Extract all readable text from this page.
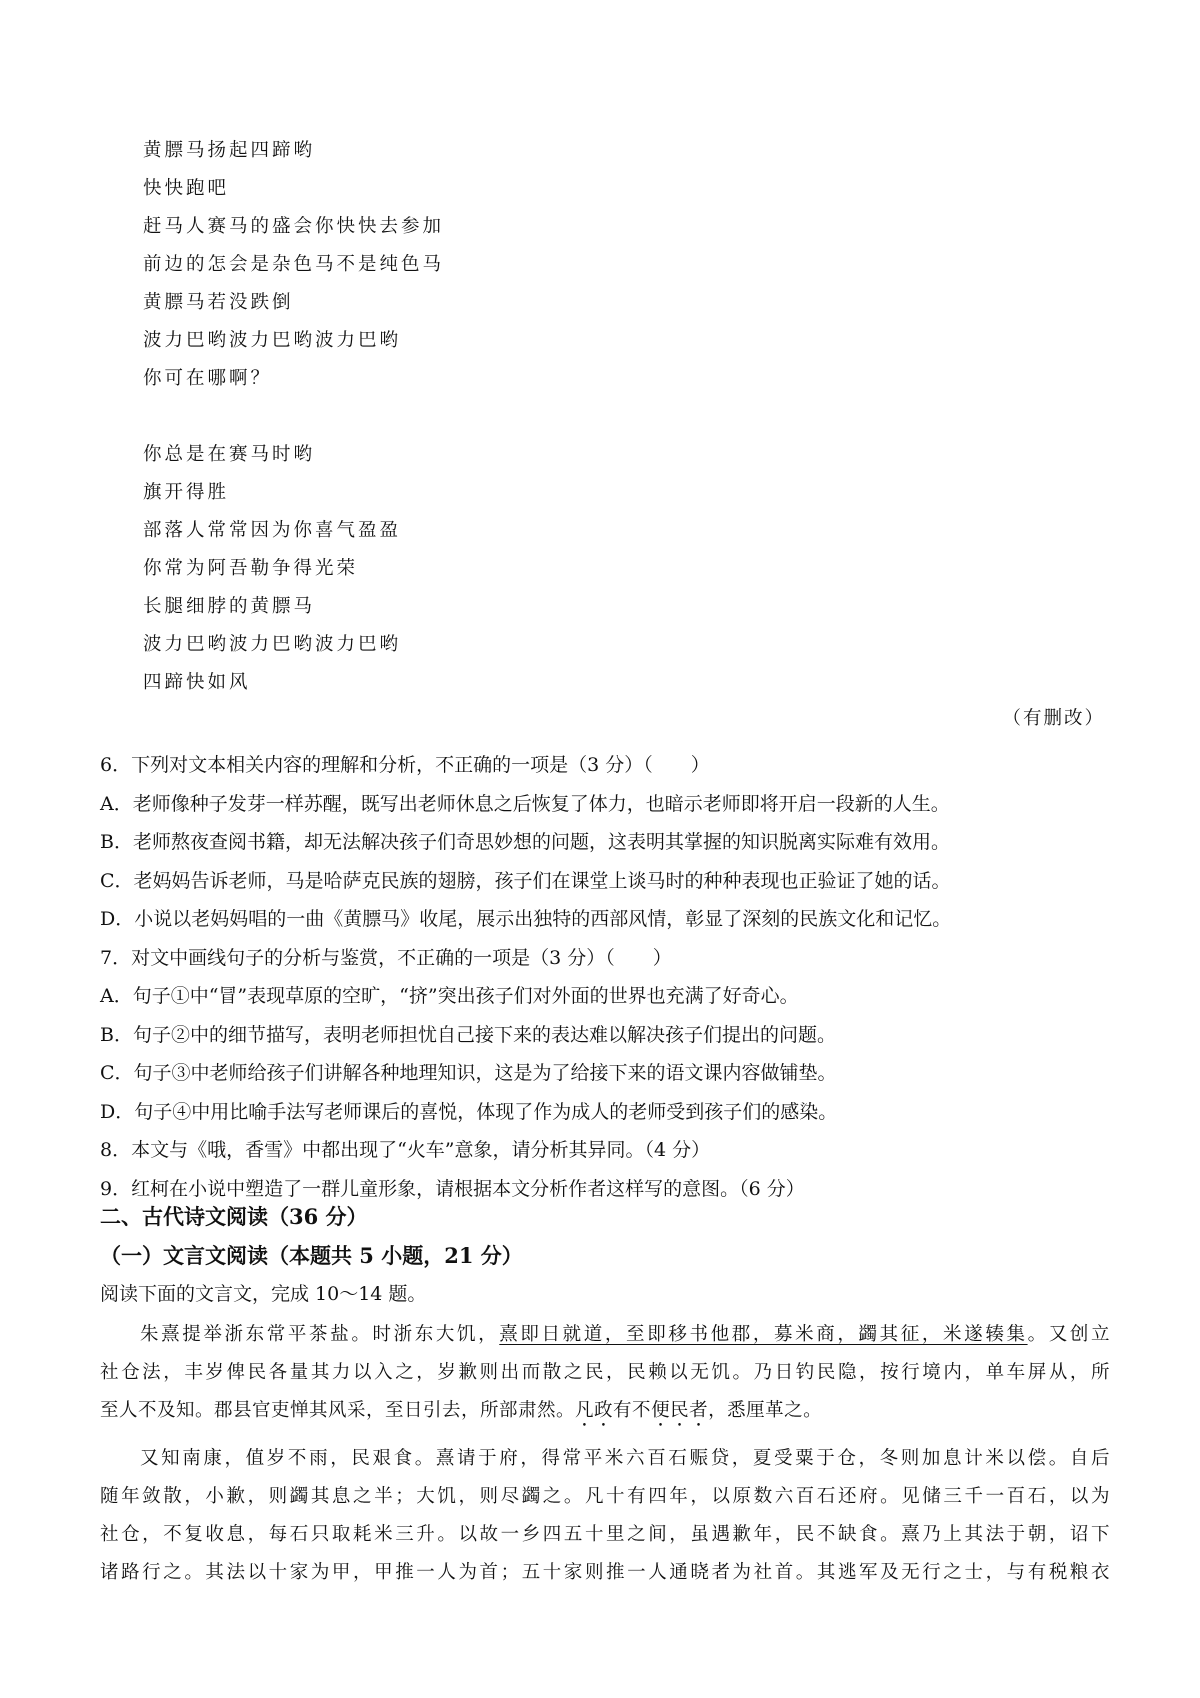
黄膘马扬起四蹄哟
快快跑吧
赶马人赛马的盛会你快快去参加
前边的怎会是杂色马不是纯色马
黄膘马若没跌倒
波力巴哟波力巴哟波力巴哟
你可在哪啊？
你总是在赛马时哟
旗开得胜
部落人常常因为你喜气盈盈
你常为阿吾勒争得光荣
长腿细脖的黄膘马
波力巴哟波力巴哟波力巴哟
四蹄快如风
（有删改）
6．下列对文本相关内容的理解和分析，不正确的一项是（3 分）（　　）
A．老师像种子发芽一样苏醒，既写出老师休息之后恢复了体力，也暗示老师即将开启一段新的人生。
B．老师熬夜查阅书籍，却无法解决孩子们奇思妙想的问题，这表明其掌握的知识脱离实际难有效用。
C．老妈妈告诉老师，马是哈萨克民族的翅膀，孩子们在课堂上谈马时的种种表现也正验证了她的话。
D．小说以老妈妈唱的一曲《黄膘马》收尾，展示出独特的西部风情，彰显了深刻的民族文化和记忆。
7．对文中画线句子的分析与鉴赏，不正确的一项是（3 分）（　　）
A．句子①中“冒”表现草原的空旷，“挤”突出孩子们对外面的世界也充满了好奇心。
B．句子②中的细节描写，表明老师担忧自己接下来的表达难以解决孩子们提出的问题。
C．句子③中老师给孩子们讲解各种地理知识，这是为了给接下来的语文课内容做铺垫。
D．句子④中用比喻手法写老师课后的喜悦，体现了作为成人的老师受到孩子们的感染。
8．本文与《哦，香雪》中都出现了“火车”意象，请分析其异同。（4 分）
9．红柯在小说中塑造了一群儿童形象，请根据本文分析作者这样写的意图。（6 分）
二、古代诗文阅读（36 分）
（一）文言文阅读（本题共 5 小题，21 分）
阅读下面的文言文，完成 10～14 题。
朱熹提举浙东常平茶盐。时浙东大饥，熹即日就道，至即移书他郡，募米商，蠲其征，米遂辏集。又创立
社仓法，丰岁俾民各量其力以入之，岁歉则出而散之民，民赖以无饥。乃日钓民隐，按行境内，单车屏从，所
至人不及知。郡县官吏惮其风采，至日引去，所部肃然。凡政有不便民者，悉厘革之。
又知南康，值岁不雨，民艰食。熹请于府，得常平米六百石赈贷，夏受粟于仓，冬则加息计米以偿。自后
随年敛散，小歉，则蠲其息之半；大饥，则尽蠲之。凡十有四年，以原数六百石还府。见储三千一百石，以为
社仓，不复收息，每石只取耗米三升。以故一乡四五十里之间，虽遇歉年，民不缺食。熹乃上其法于朝，诏下
诸路行之。其法以十家为甲，甲推一人为首；五十家则推一人通晓者为社首。其逃军及无行之士，与有税粮衣
